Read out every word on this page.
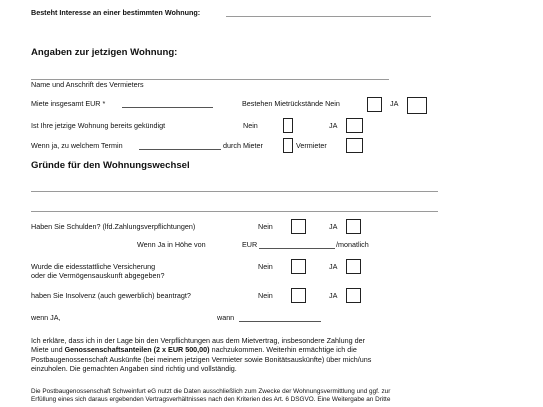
Besteht Interesse an einer bestimmten Wohnung:
Angaben zur jetzigen Wohnung:
Name und Anschrift des Vermieters
Miete insgesamt EUR *	Bestehen Mietrückstände Nein	JA
Ist Ihre jetzige Wohnung bereits gekündigt	Nein	JA
Wenn ja, zu welchem Termin	durch Mieter	Vermieter
Gründe für den Wohnungswechsel
Haben Sie Schulden? (lfd.Zahlungsverpflichtungen)	Nein	JA
Wenn Ja in Höhe von	EUR	/monatlich
Wurde die eidesstattliche Versicherung
oder die Vermögensauskunft abgegeben?
Nein	JA
haben Sie Insolvenz (auch gewerblich) beantragt?	Nein	JA
wenn JA,	wann
Ich erkläre, dass ich in der Lage bin den Verpflichtungen aus dem Mietvertrag, insbesondere Zahlung der
Miete und Genossenschaftsanteilen (2 x EUR 500,00) nachzukommen. Weiterhin ermächtige ich die
Postbaugenossenschaft Auskünfte (bei meinem jetzigen Vermieter sowie Bonitätsauskünfte) über mich/uns
einzuholen. Die gemachten Angaben sind richtig und vollständig.
Die Postbaugenossenschaft Schweinfurt eG nutzt die Daten ausschließlich zum Zwecke der Wohnungsvermittlung und ggf. zur
Erfüllung eines sich daraus ergebenden Vertragsverhältnisses nach den Kriterien des Art. 6 DSGVO. Eine Weitergabe an Dritte
